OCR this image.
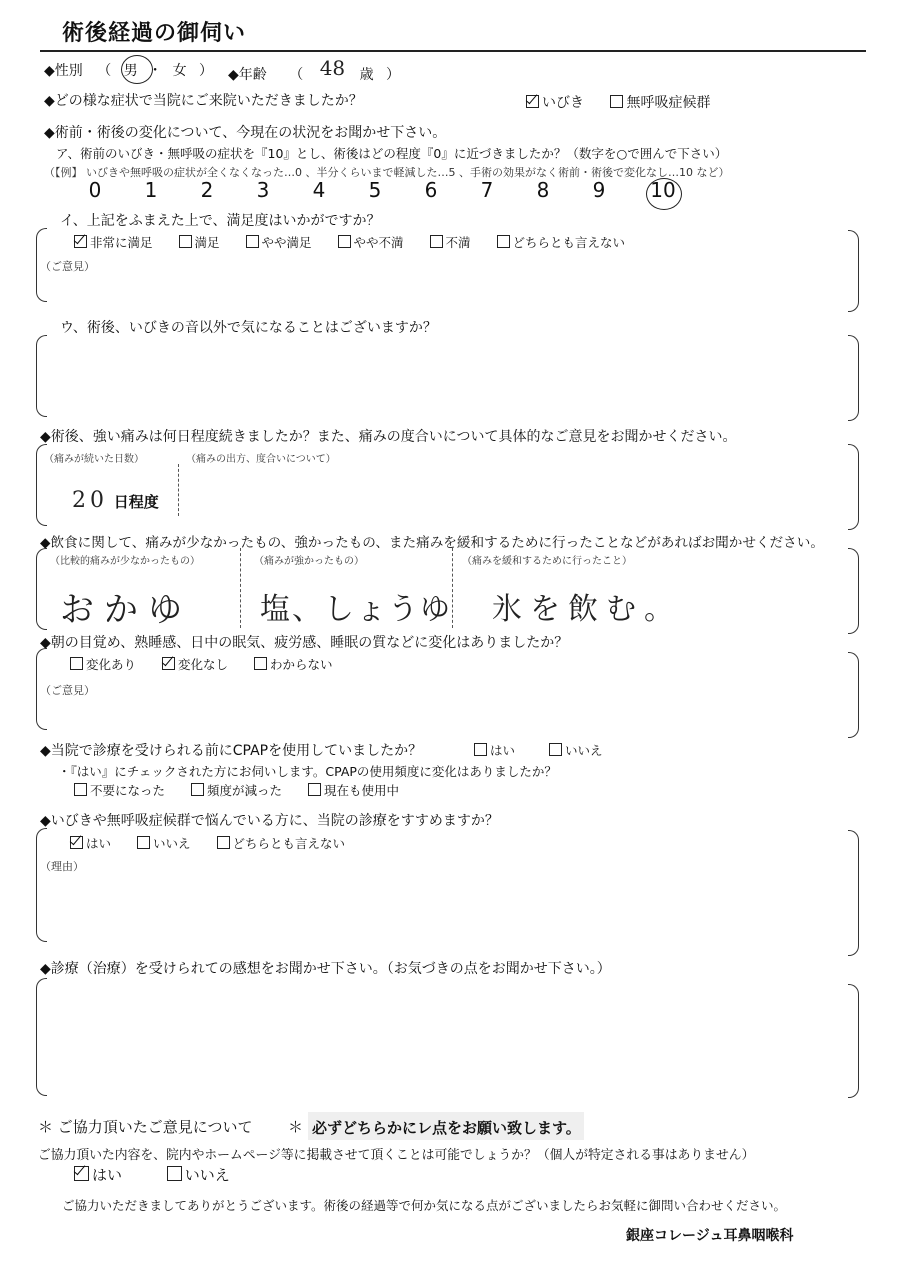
術後経過の御伺い
◆性別 （ 男 ・ 女 ） ◆年齢 （ 48 歳 ）
◆どの様な症状で当院にご来院いただきましたか？	いびき	無呼吸症候群
◆術前・術後の変化について、今現在の状況をお聞かせ下さい。
ア、術前のいびき・無呼吸の症状を『10』とし、術後はどの程度『0』に近づきましたか？（数字を○で囲んで下さい）
（【例】 いびきや無呼吸の症状が全くなくなった…0 、半分くらいまで軽減した…5 、手術の効果がなく術前・術後で変化なし…10 など）
0	1	2	3	4	5	6	7	8	9	10
イ、上記をふまえた上で、満足度はいかがですか？
非常に満足	満足	やや満足	やや不満	不満	どちらとも言えない
（ご意見）
ウ、術後、いびきの音以外で気になることはございますか？
◆術後、強い痛みは何日程度続きましたか？また、痛みの度合いについて具体的なご意見をお聞かせください。
（痛みが続いた日数）	（痛みの出方、度合いについて）
20 日程度
◆飲食に関して、痛みが少なかったもの、強かったもの、また痛みを緩和するために行ったことなどがあればお聞かせください。
（比較的痛みが少なかったもの）	（痛みが強かったもの）	（痛みを緩和するために行ったこと）
おかゆ 塩、しょうゆ 氷を飲む。
◆朝の目覚め、熟睡感、日中の眠気、疲労感、睡眠の質などに変化はありましたか？
変化あり	変化なし	わからない
（ご意見）
◆当院で診療を受けられる前にCPAPを使用していましたか？	はい	いいえ
・『はい』にチェックされた方にお伺いします。CPAPの使用頻度に変化はありましたか？
不要になった	頻度が減った	現在も使用中
◆いびきや無呼吸症候群で悩んでいる方に、当院の診療をすすめますか？
はい	いいえ	どちらとも言えない
（理由）
◆診療（治療）を受けられての感想をお聞かせ下さい。（お気づきの点をお聞かせ下さい。）
＊ ご協力頂いたご意見について ＊ 必ずどちらかにレ点をお願い致します。
ご協力頂いた内容を、院内やホームページ等に掲載させて頂くことは可能でしょうか？（個人が特定される事はありません）
はい	いいえ
ご協力いただきましてありがとうございます。術後の経過等で何か気になる点がございましたらお気軽に御問い合わせください。
銀座コレージュ耳鼻咽喉科
